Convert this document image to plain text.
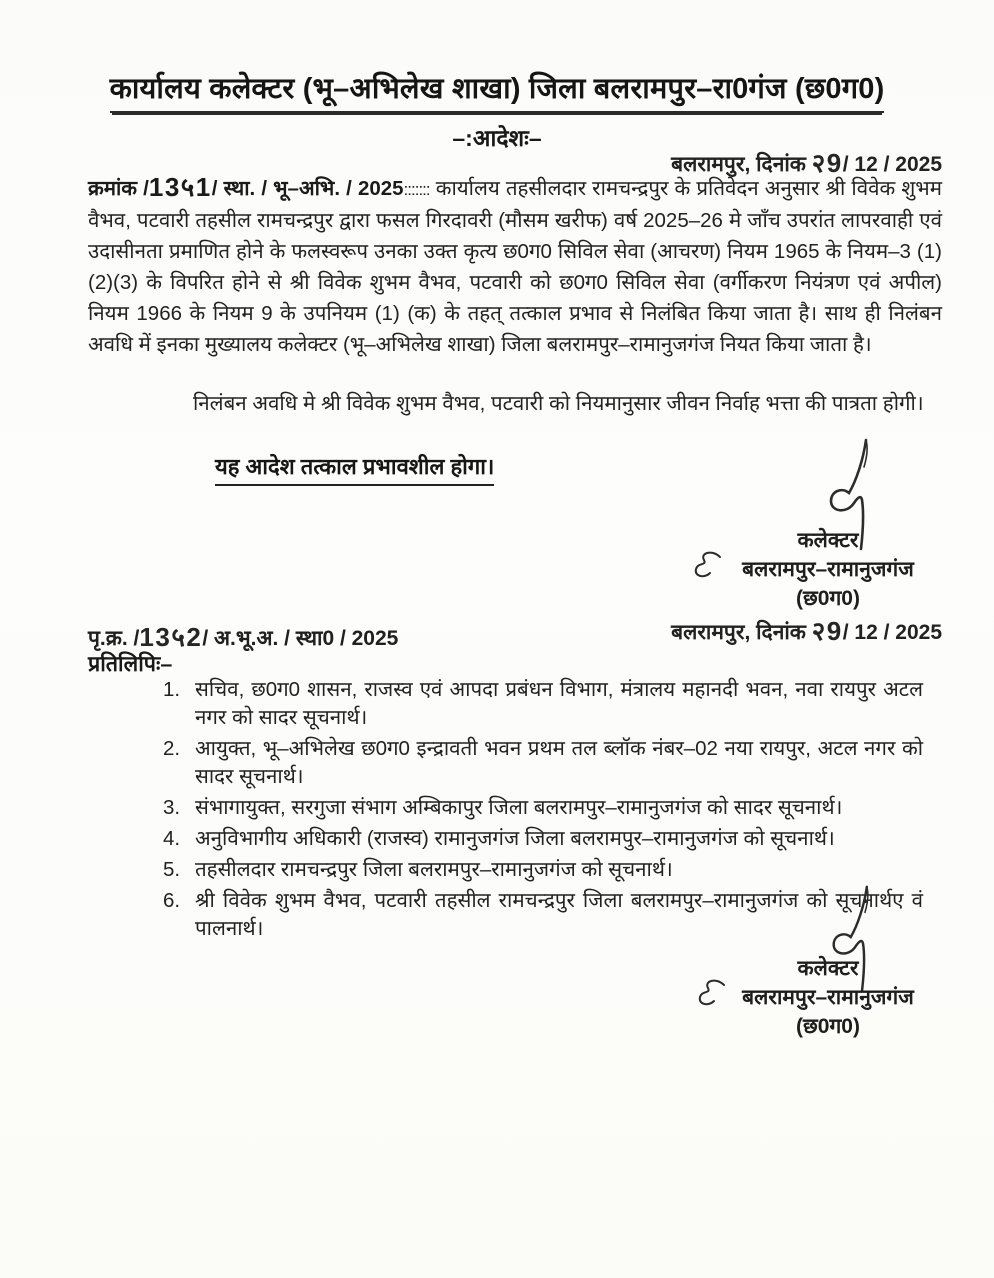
कार्यालय कलेक्टर (भू–अभिलेख शाखा) जिला बलरामपुर–रा0गंज (छ0ग0)
–:आदेशः–
बलरामपुर, दिनांक २9/ 12 / 2025

क्रमांक /13५1/ स्था. / भू–अभि. / 2025::::::: कार्यालय तहसीलदार रामचन्द्रपुर के प्रतिवेदन अनुसार श्री विवेक शुभम वैभव, पटवारी तहसील रामचन्द्रपुर द्वारा फसल गिरदावरी (मौसम खरीफ) वर्ष 2025–26 मे जाँच उपरांत लापरवाही एवं उदासीनता प्रमाणित होने के फलस्वरूप उनका उक्त कृत्य छ0ग0 सिविल सेवा (आचरण) नियम 1965 के नियम–3 (1)(2)(3) के विपरित होने से श्री विवेक शुभम वैभव, पटवारी को छ0ग0 सिविल सेवा (वर्गीकरण नियंत्रण एवं अपील) नियम 1966 के नियम 9 के उपनियम (1) (क) के तहत् तत्काल प्रभाव से निलंबित किया जाता है। साथ ही निलंबन अवधि में इनका मुख्यालय कलेक्टर (भू–अभिलेख शाखा) जिला बलरामपुर–रामानुजगंज नियत किया जाता है।

निलंबन अवधि मे श्री विवेक शुभम वैभव, पटवारी को नियमानुसार जीवन निर्वाह भत्ता की पात्रता होगी।

यह आदेश तत्काल प्रभावशील होगा।
कलेक्टर
बलरामपुर–रामानुजगंज
(छ0ग0)
बलरामपुर, दिनांक २9/ 12 / 2025
पृ.क्र. /13५2/ अ.भू.अ. / स्था0 / 2025
प्रतिलिपिः–
1. सचिव, छ0ग0 शासन, राजस्व एवं आपदा प्रबंधन विभाग, मंत्रालय महानदी भवन, नवा रायपुर अटल नगर को सादर सूचनार्थ।
2. आयुक्त, भू–अभिलेख छ0ग0 इन्द्रावती भवन प्रथम तल ब्लॉक नंबर–02 नया रायपुर, अटल नगर को सादर सूचनार्थ।
3. संभागायुक्त, सरगुजा संभाग अम्बिकापुर जिला बलरामपुर–रामानुजगंज को सादर सूचनार्थ।
4. अनुविभागीय अधिकारी (राजस्व) रामानुजगंज जिला बलरामपुर–रामानुजगंज को सूचनार्थ।
5. तहसीलदार रामचन्द्रपुर जिला बलरामपुर–रामानुजगंज को सूचनार्थ।
6. श्री विवेक शुभम वैभव, पटवारी तहसील रामचन्द्रपुर जिला बलरामपुर–रामानुजगंज को सूचनार्थए वं पालनार्थ।
कलेक्टर
बलरामपुर–रामानुजगंज
(छ0ग0)
